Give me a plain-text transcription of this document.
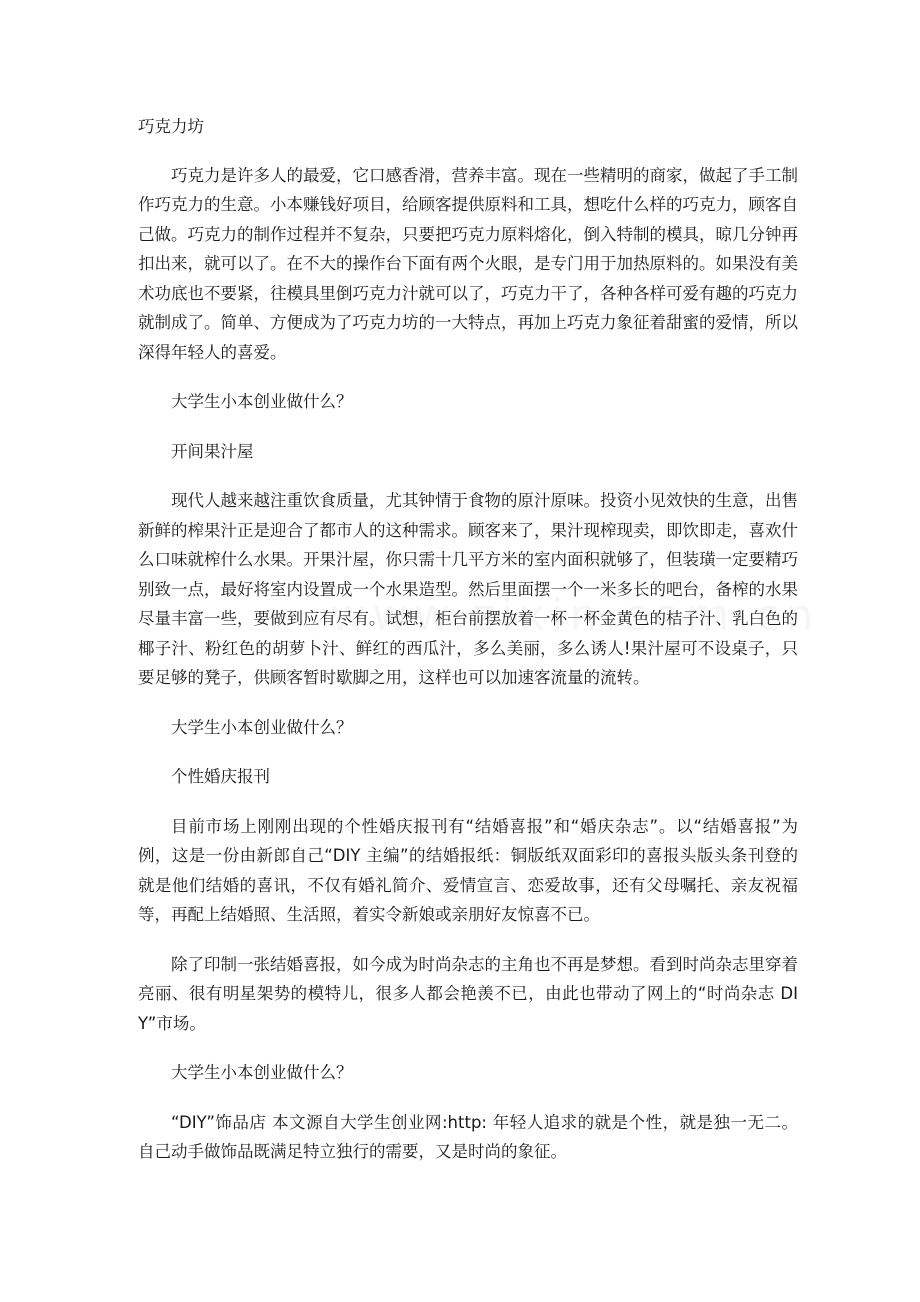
巧克力坊

巧克力是许多人的最爱，它口感香滑，营养丰富。现在一些精明的商家，做起了手工制作巧克力的生意。小本赚钱好项目，给顾客提供原料和工具，想吃什么样的巧克力，顾客自己做。巧克力的制作过程并不复杂，只要把巧克力原料熔化，倒入特制的模具，晾几分钟再扣出来，就可以了。在不大的操作台下面有两个火眼，是专门用于加热原料的。如果没有美术功底也不要紧，往模具里倒巧克力汁就可以了，巧克力干了，各种各样可爱有趣的巧克力就制成了。简单、方便成为了巧克力坊的一大特点，再加上巧克力象征着甜蜜的爱情，所以深得年轻人的喜爱。

大学生小本创业做什么？

开间果汁屋

现代人越来越注重饮食质量，尤其钟情于食物的原汁原味。投资小见效快的生意，出售新鲜的榨果汁正是迎合了都市人的这种需求。顾客来了，果汁现榨现卖，即饮即走，喜欢什么口味就榨什么水果。开果汁屋，你只需十几平方米的室内面积就够了，但装璜一定要精巧别致一点，最好将室内设置成一个水果造型。然后里面摆一个一米多长的吧台，备榨的水果尽量丰富一些，要做到应有尽有。试想，柜台前摆放着一杯一杯金黄色的桔子汁、乳白色的椰子汁、粉红色的胡萝卜汁、鲜红的西瓜汁，多么美丽，多么诱人!果汁屋可不设桌子，只要足够的凳子，供顾客暂时歇脚之用，这样也可以加速客流量的流转。

大学生小本创业做什么？

个性婚庆报刊

目前市场上刚刚出现的个性婚庆报刊有“结婚喜报”和“婚庆杂志”。以“结婚喜报”为例，这是一份由新郎自己“DIY 主编”的结婚报纸：铜版纸双面彩印的喜报头版头条刊登的就是他们结婚的喜讯，不仅有婚礼简介、爱情宣言、恋爱故事，还有父母嘱托、亲友祝福等，再配上结婚照、生活照，着实令新娘或亲朋好友惊喜不已。

除了印制一张结婚喜报，如今成为时尚杂志的主角也不再是梦想。看到时尚杂志里穿着亮丽、很有明星架势的模特儿，很多人都会艳羡不已，由此也带动了网上的“时尚杂志 DIY”市场。

大学生小本创业做什么？

“DIY”饰品店 本文源自大学生创业网:http: 年轻人追求的就是个性，就是独一无二。自己动手做饰品既满足特立独行的需要，又是时尚的象征。
